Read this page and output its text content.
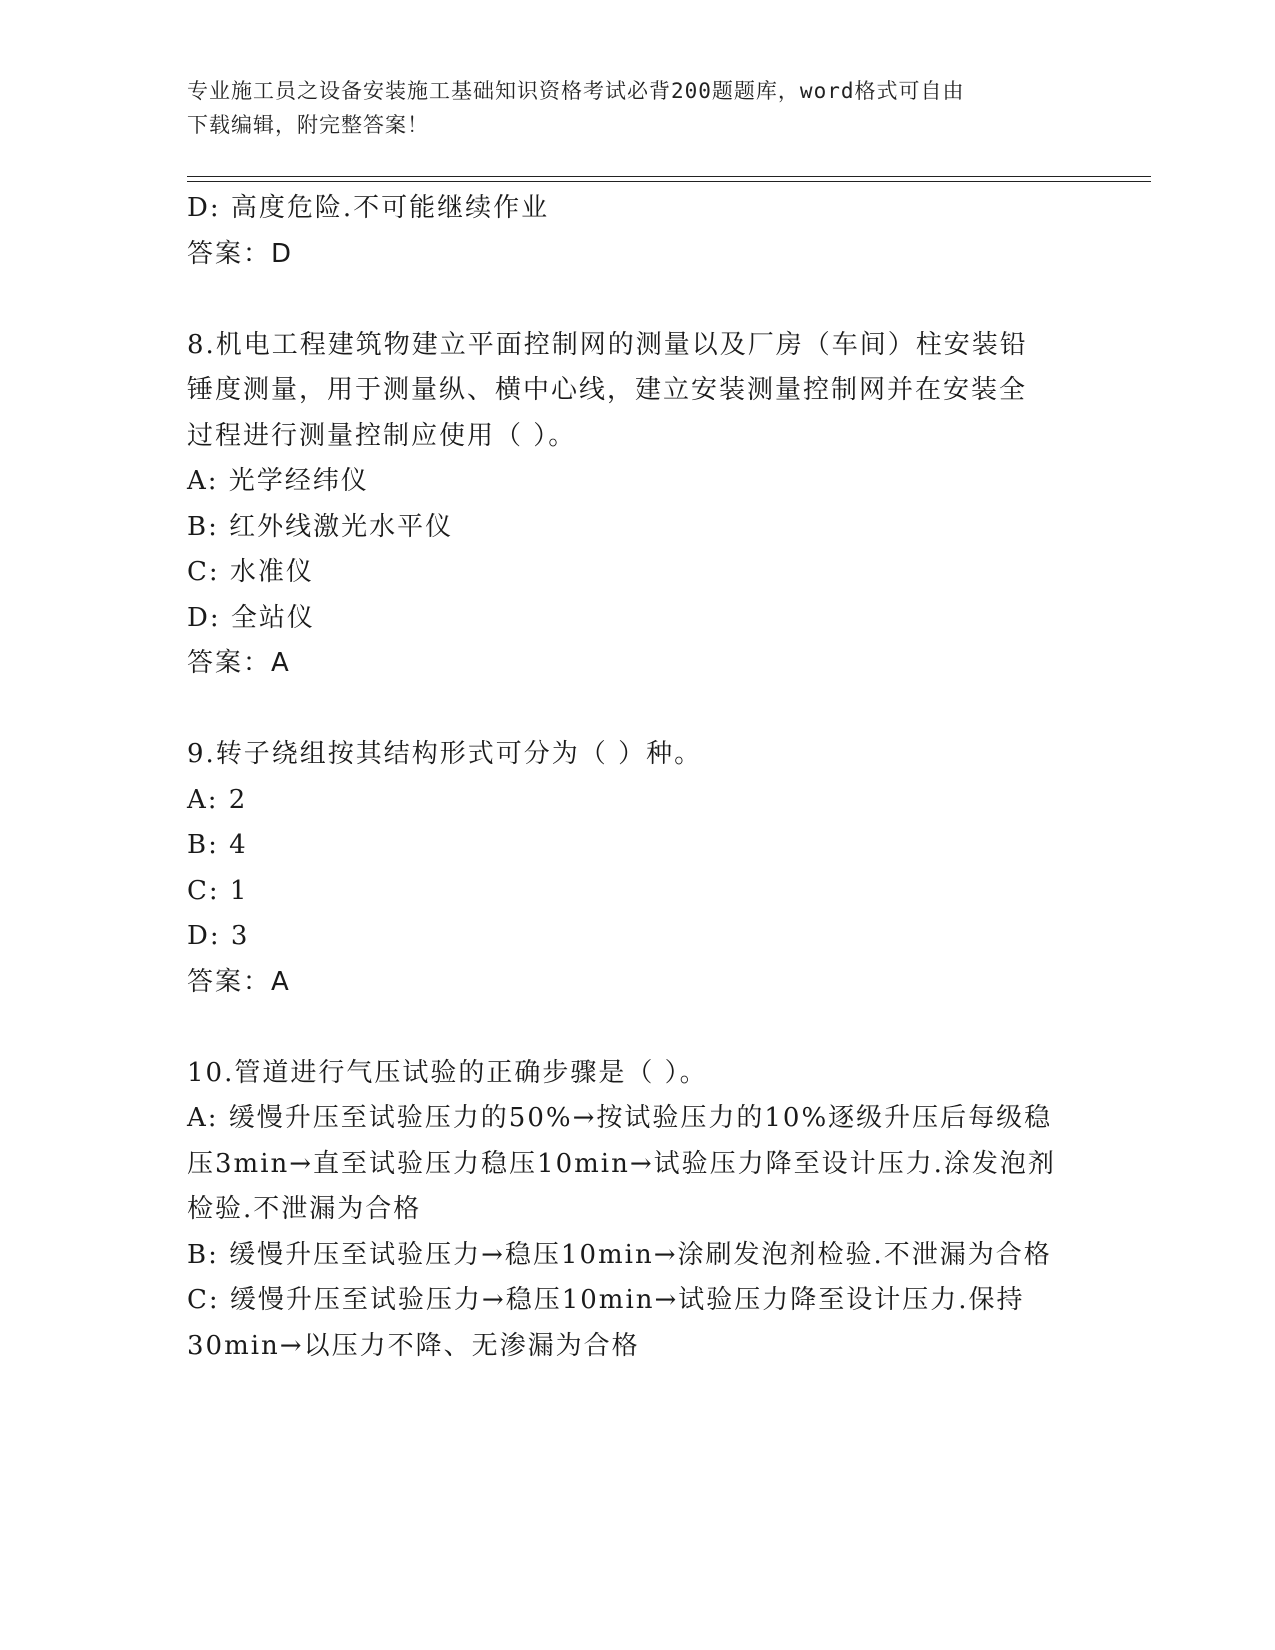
专业施工员之设备安装施工基础知识资格考试必背200题题库，word格式可自由
下载编辑，附完整答案！
D: 高度危险.不可能继续作业
答案：D
8.机电工程建筑物建立平面控制网的测量以及厂房（车间）柱安装铅
锤度测量，用于测量纵、横中心线，建立安装测量控制网并在安装全
过程进行测量控制应使用（ ）。
A: 光学经纬仪
B: 红外线激光水平仪
C: 水准仪
D: 全站仪
答案：A
9.转子绕组按其结构形式可分为（ ）种。
A: 2
B: 4
C: 1
D: 3
答案：A
10.管道进行气压试验的正确步骤是（ ）。
A: 缓慢升压至试验压力的50%→按试验压力的10%逐级升压后每级稳
压3min→直至试验压力稳压10min→试验压力降至设计压力.涂发泡剂
检验.不泄漏为合格
B: 缓慢升压至试验压力→稳压10min→涂刷发泡剂检验.不泄漏为合格
C: 缓慢升压至试验压力→稳压10min→试验压力降至设计压力.保持
30min→以压力不降、无渗漏为合格
